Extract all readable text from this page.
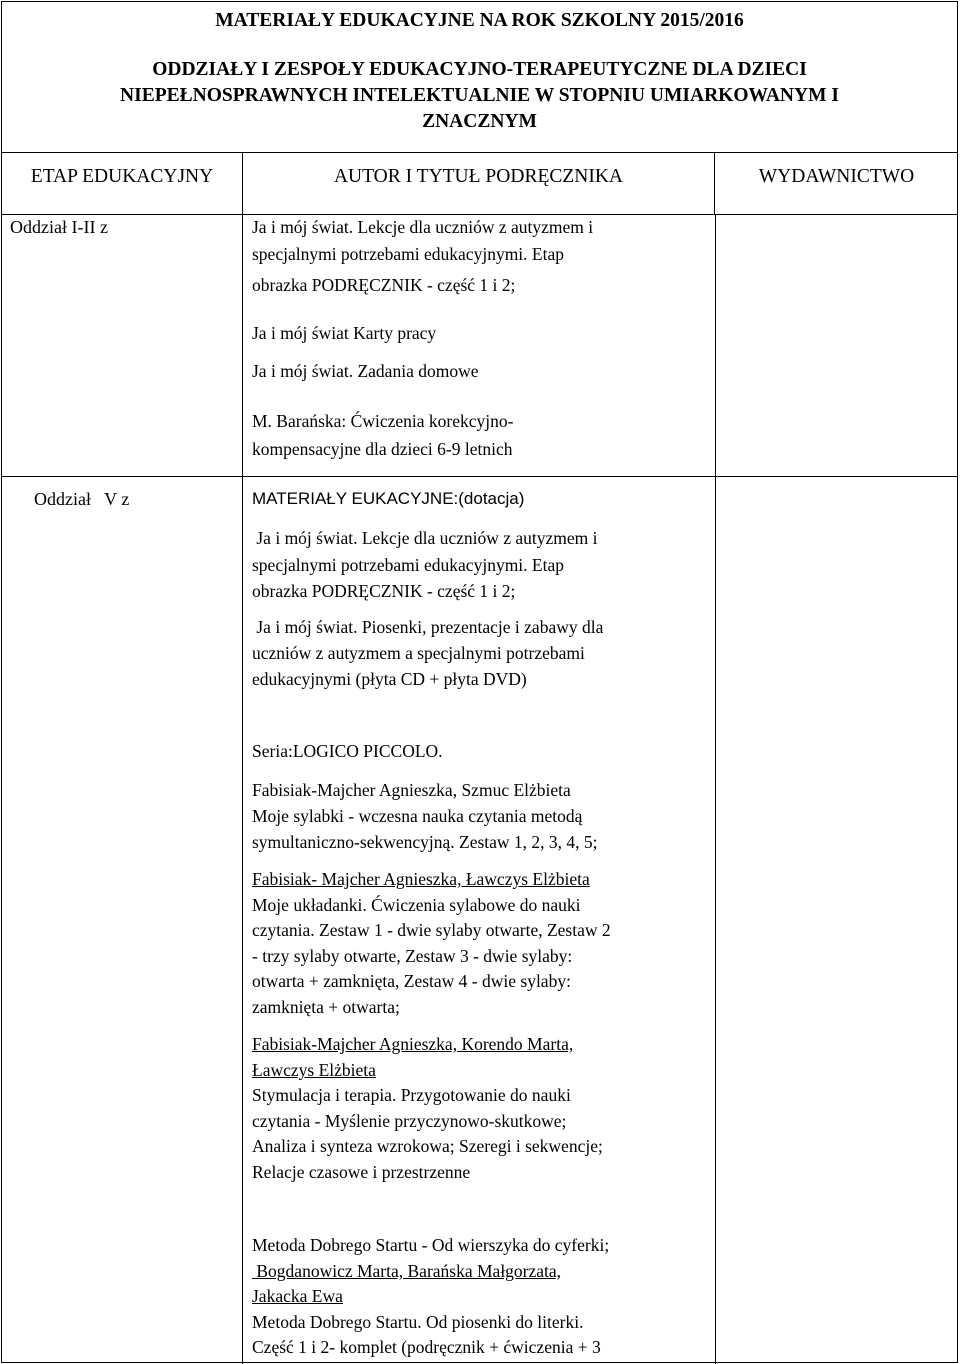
MATERIAŁY EDUKACYJNE NA ROK SZKOLNY 2015/2016
ODDZIAŁY I ZESPOŁY EDUKACYJNO-TERAPEUTYCZNE DLA DZIECI
NIEPEŁNOSPRAWNYCH INTELEKTUALNIE W STOPNIU UMIARKOWANYM I
ZNACZNYM
ETAP EDUKACYJNY	AUTOR I TYTUŁ PODRĘCZNIKA	WYDAWNICTWO
Oddział I-II z	Ja i mój świat. Lekcje dla uczniów z autyzmem i
specjalnymi potrzebami edukacyjnymi. Etap
obrazka PODRĘCZNIK - część 1 i 2;
Ja i mój świat Karty pracy
Ja i mój świat. Zadania domowe
M. Barańska: Ćwiczenia korekcyjno-
kompensacyjne dla dzieci 6-9 letnich
Oddział   V z	MATERIAŁY EUKACYJNE:(dotacja)
Ja i mój świat. Lekcje dla uczniów z autyzmem i
specjalnymi potrzebami edukacyjnymi. Etap
obrazka PODRĘCZNIK - część 1 i 2;
Ja i mój świat. Piosenki, prezentacje i zabawy dla
uczniów z autyzmem a specjalnymi potrzebami
edukacyjnymi (płyta CD + płyta DVD)
Seria:LOGICO PICCOLO.
Fabisiak-Majcher Agnieszka, Szmuc Elżbieta
Moje sylabki - wczesna nauka czytania metodą
symultaniczno-sekwencyjną. Zestaw 1, 2, 3, 4, 5;
Fabisiak- Majcher Agnieszka, Ławczys Elżbieta
Moje układanki. Ćwiczenia sylabowe do nauki
czytania. Zestaw 1 - dwie sylaby otwarte, Zestaw 2
- trzy sylaby otwarte, Zestaw 3 - dwie sylaby:
otwarta + zamknięta, Zestaw 4 - dwie sylaby:
zamknięta + otwarta;
Fabisiak-Majcher Agnieszka, Korendo Marta,
Ławczys Elżbieta
Stymulacja i terapia. Przygotowanie do nauki
czytania - Myślenie przyczynowo-skutkowe;
Analiza i synteza wzrokowa; Szeregi i sekwencje;
Relacje czasowe i przestrzenne
Metoda Dobrego Startu - Od wierszyka do cyferki;
Bogdanowicz Marta, Barańska Małgorzata,
Jakacka Ewa
Metoda Dobrego Startu. Od piosenki do literki.
Część 1 i 2- komplet (podręcznik + ćwiczenia + 3
